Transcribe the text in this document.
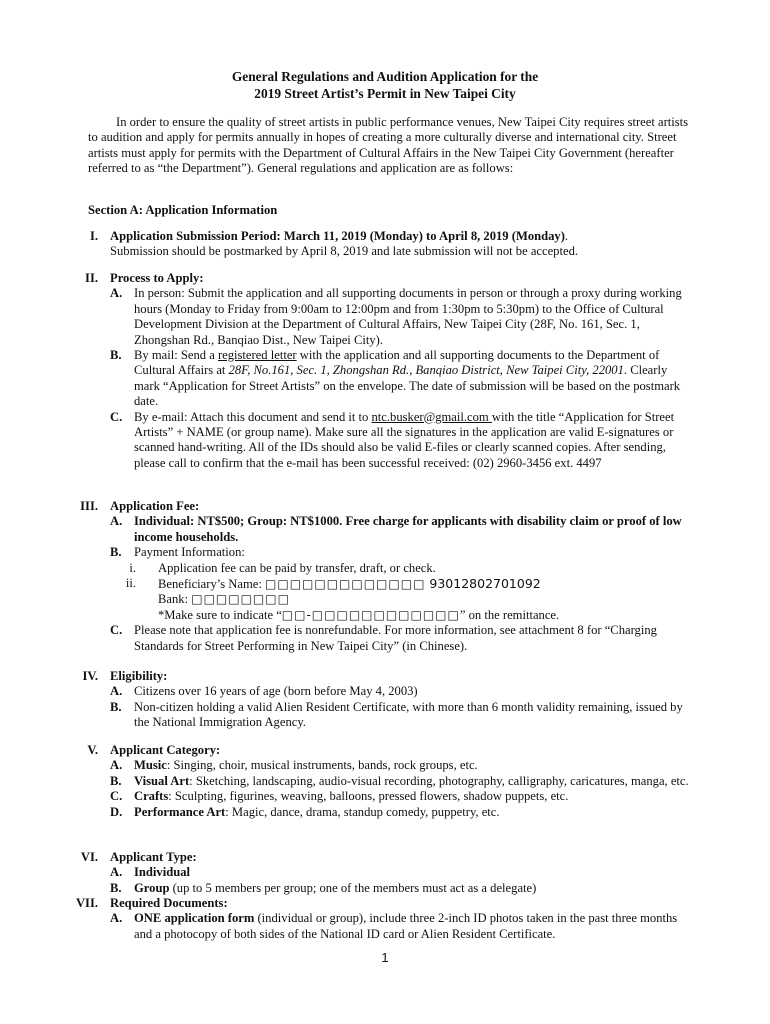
General Regulations and Audition Application for the
2019 Street Artist’s Permit in New Taipei City
In order to ensure the quality of street artists in public performance venues, New Taipei City requires street artists to audition and apply for permits annually in hopes of creating a more culturally diverse and international city. Street artists must apply for permits with the Department of Cultural Affairs in the New Taipei City Government (hereafter referred to as “the Department”). General regulations and application are as follows:
Section A: Application Information
I. Application Submission Period: March 11, 2019 (Monday) to April 8, 2019 (Monday).
Submission should be postmarked by April 8, 2019 and late submission will not be accepted.
II. Process to Apply:
A. In person: Submit the application and all supporting documents in person or through a proxy during working hours (Monday to Friday from 9:00am to 12:00pm and from 1:30pm to 5:30pm) to the Office of Cultural Development Division at the Department of Cultural Affairs, New Taipei City (28F, No. 161, Sec. 1, Zhongshan Rd., Banqiao Dist., New Taipei City).
B. By mail: Send a registered letter with the application and all supporting documents to the Department of Cultural Affairs at 28F, No.161, Sec. 1, Zhongshan Rd., Banqiao District, New Taipei City, 22001. Clearly mark “Application for Street Artists” on the envelope. The date of submission will be based on the postmark date.
C. By e-mail: Attach this document and send it to ntc.busker@gmail.com with the title “Application for Street Artists” + NAME (or group name). Make sure all the signatures in the application are valid E-signatures or scanned hand-writing. All of the IDs should also be valid E-files or clearly scanned copies. After sending, please call to confirm that the e-mail has been successful received: (02) 2960-3456 ext. 4497
III. Application Fee:
A. Individual: NT$500; Group: NT$1000. Free charge for applicants with disability claim or proof of low income households.
B. Payment Information:
i. Application fee can be paid by transfer, draft, or check.
ii. Beneficiary’s Name: □□□□□□□□□□□□□ 93012802701092
Bank: □□□□□□□□
*Make sure to indicate “□□-□□□□□□□□□□□□” on the remittance.
C. Please note that application fee is nonrefundable. For more information, see attachment 8 for “Charging Standards for Street Performing in New Taipei City” (in Chinese).
IV. Eligibility:
A. Citizens over 16 years of age (born before May 4, 2003)
B. Non-citizen holding a valid Alien Resident Certificate, with more than 6 month validity remaining, issued by the National Immigration Agency.
V. Applicant Category:
A. Music: Singing, choir, musical instruments, bands, rock groups, etc.
B. Visual Art: Sketching, landscaping, audio-visual recording, photography, calligraphy, caricatures, manga, etc.
C. Crafts: Sculpting, figurines, weaving, balloons, pressed flowers, shadow puppets, etc.
D. Performance Art: Magic, dance, drama, standup comedy, puppetry, etc.
VI. Applicant Type:
A. Individual
B. Group (up to 5 members per group; one of the members must act as a delegate)
VII. Required Documents:
A. ONE application form (individual or group), include three 2-inch ID photos taken in the past three months and a photocopy of both sides of the National ID card or Alien Resident Certificate.
1
